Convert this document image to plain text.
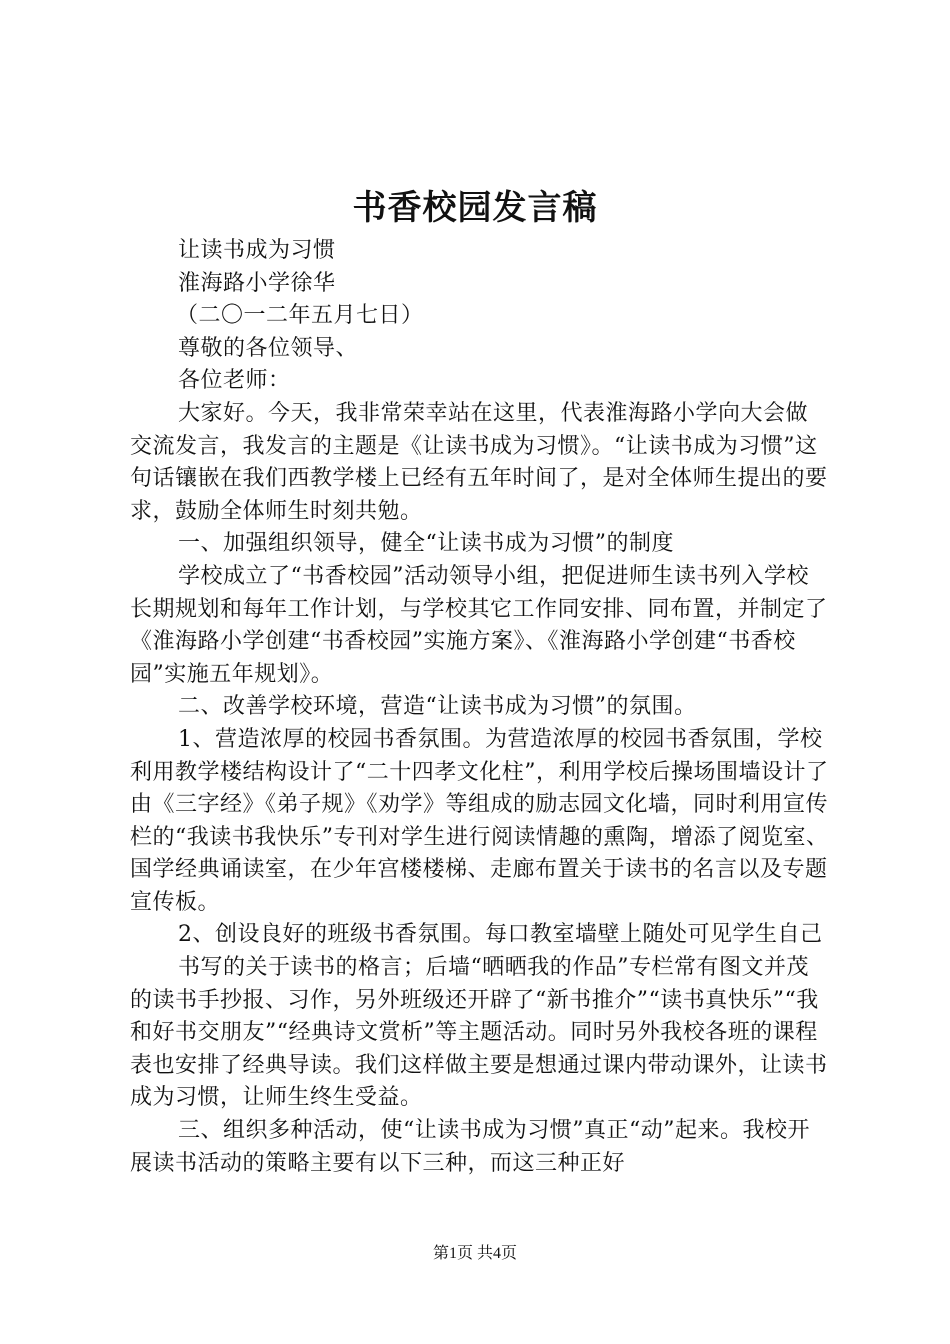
书香校园发言稿

让读书成为习惯

淮海路小学徐华

（二〇一二年五月七日）

尊敬的各位领导、

各位老师：

大家好。今天，我非常荣幸站在这里，代表淮海路小学向大会做交流发言，我发言的主题是《让读书成为习惯》。“让读书成为习惯”这句话镶嵌在我们西教学楼上已经有五年时间了，是对全体师生提出的要求，鼓励全体师生时刻共勉。

一、加强组织领导，健全“让读书成为习惯”的制度

学校成立了“书香校园”活动领导小组，把促进师生读书列入学校长期规划和每年工作计划，与学校其它工作同安排、同布置，并制定了《淮海路小学创建“书香校园”实施方案》、《淮海路小学创建“书香校园”实施五年规划》。

二、改善学校环境，营造“让读书成为习惯”的氛围。

1、营造浓厚的校园书香氛围。为营造浓厚的校园书香氛围，学校利用教学楼结构设计了“二十四孝文化柱”，利用学校后操场围墙设计了由《三字经》《弟子规》《劝学》等组成的励志园文化墙，同时利用宣传栏的“我读书我快乐”专刊对学生进行阅读情趣的熏陶，增添了阅览室、国学经典诵读室，在少年宫楼楼梯、走廊布置关于读书的名言以及专题宣传板。

2、创设良好的班级书香氛围。每口教室墙壁上随处可见学生自己

书写的关于读书的格言；后墙“晒晒我的作品”专栏常有图文并茂的读书手抄报、习作，另外班级还开辟了“新书推介”“读书真快乐”“我和好书交朋友”“经典诗文赏析”等主题活动。同时另外我校各班的课程表也安排了经典导读。我们这样做主要是想通过课内带动课外，让读书成为习惯，让师生终生受益。

三、组织多种活动，使“让读书成为习惯”真正“动”起来。我校开展读书活动的策略主要有以下三种，而这三种正好

第1页 共4页
